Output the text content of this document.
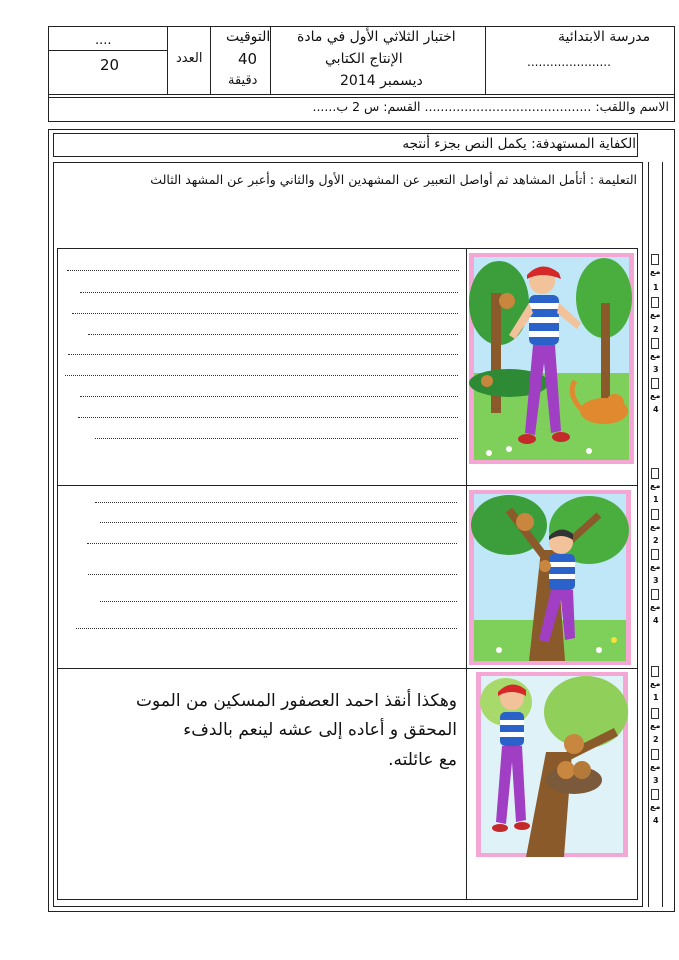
....
20	العدد
التوقيت
40
دقيقة
اختبار الثلاثي الأول في مادة
الإنتاج الكتابي
ديسمبر 2014
مدرسة الابتدائية
......................
الاسم واللقب: .......................................... القسم: س 2 ب......
الكفاية المستهدفة: يكمل النص بجزء أنتجه
التعليمة : أتأمل المشاهد ثم أواصل التعبير عن المشهدين الأول والثاني وأعبر عن المشهد الثالث
وهكذا أنقذ احمد العصفور المسكين من الموت
المحقق و أعاده إلى عشه لينعم بالدفء
مع عائلته.
مع
1
مع
2
مع
3
مع
4
مع
1
مع
2
مع
3
مع
4
مع
1
مع
2
مع
3
مع
4
